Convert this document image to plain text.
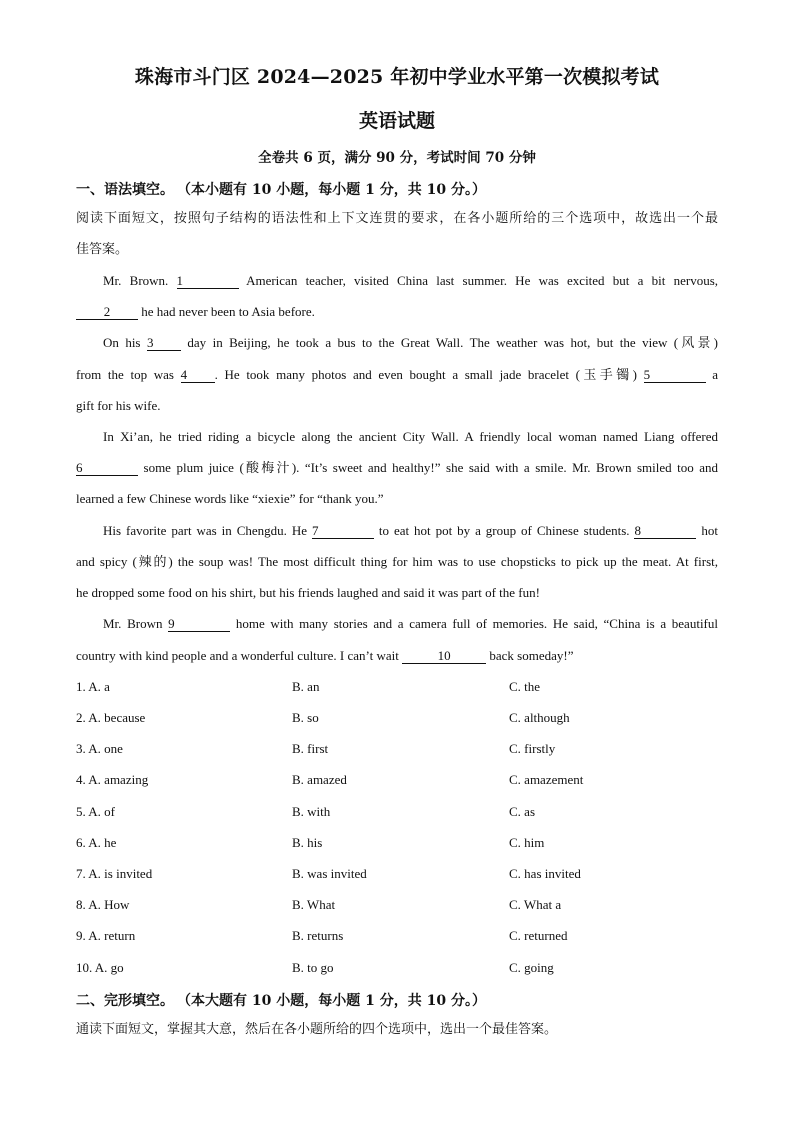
珠海市斗门区 2024—2025 年初中学业水平第一次模拟考试
英语试题
全卷共 6 页，满分 90 分，考试时间 70 分钟
一、语法填空。 （本小题有 10 小题，每小题 1 分，共 10 分。）
阅读下面短文，按照句子结构的语法性和上下文连贯的要求，在各小题所给的三个选项中，故选出一个最
佳答案。
Mr. Brown. 1	American teacher, visited China last summer. He was excited but a bit nervous,
2 he had never been to Asia before.
On his 3	day in Beijing, he took a bus to the Great Wall. The weather was hot, but the view (风景)
from the top was 4 . He took many photos and even bought a small jade bracelet (玉手镯) 5	a
gift for his wife.
In Xi’an, he tried riding a bicycle along the ancient City Wall. A friendly local woman named Liang offered
6	some plum juice (酸梅汁). “It’s sweet and healthy!” she said with a smile. Mr. Brown smiled too and
learned a few Chinese words like “xiexie” for “thank you.”
His favorite part was in Chengdu. He 7	to eat hot pot by a group of Chinese students. 8	hot
and spicy (辣的) the soup was! The most difficult thing for him was to use chopsticks to pick up the meat. At first,
he dropped some food on his shirt, but his friends laughed and said it was part of the fun!
Mr. Brown 9	home with many stories and a camera full of memories. He said, “China is a beautiful
country with kind people and a wonderful culture. I can’t wait	10	back someday!”
1. A. a	B. an	C. the
2. A. because	B. so	C. although
3. A. one	B. first	C. firstly
4. A. amazing	B. amazed	C. amazement
5. A. of	B. with	C. as
6. A. he	B. his	C. him
7. A. is invited	B. was invited	C. has invited
8. A. How	B. What	C. What a
9. A. return	B. returns	C. returned
10. A. go	B. to go	C. going
二、完形填空。 （本大题有 10 小题，每小题 1 分，共 10 分。）
通读下面短文，掌握其大意，然后在各小题所给的四个选项中，选出一个最佳答案。
